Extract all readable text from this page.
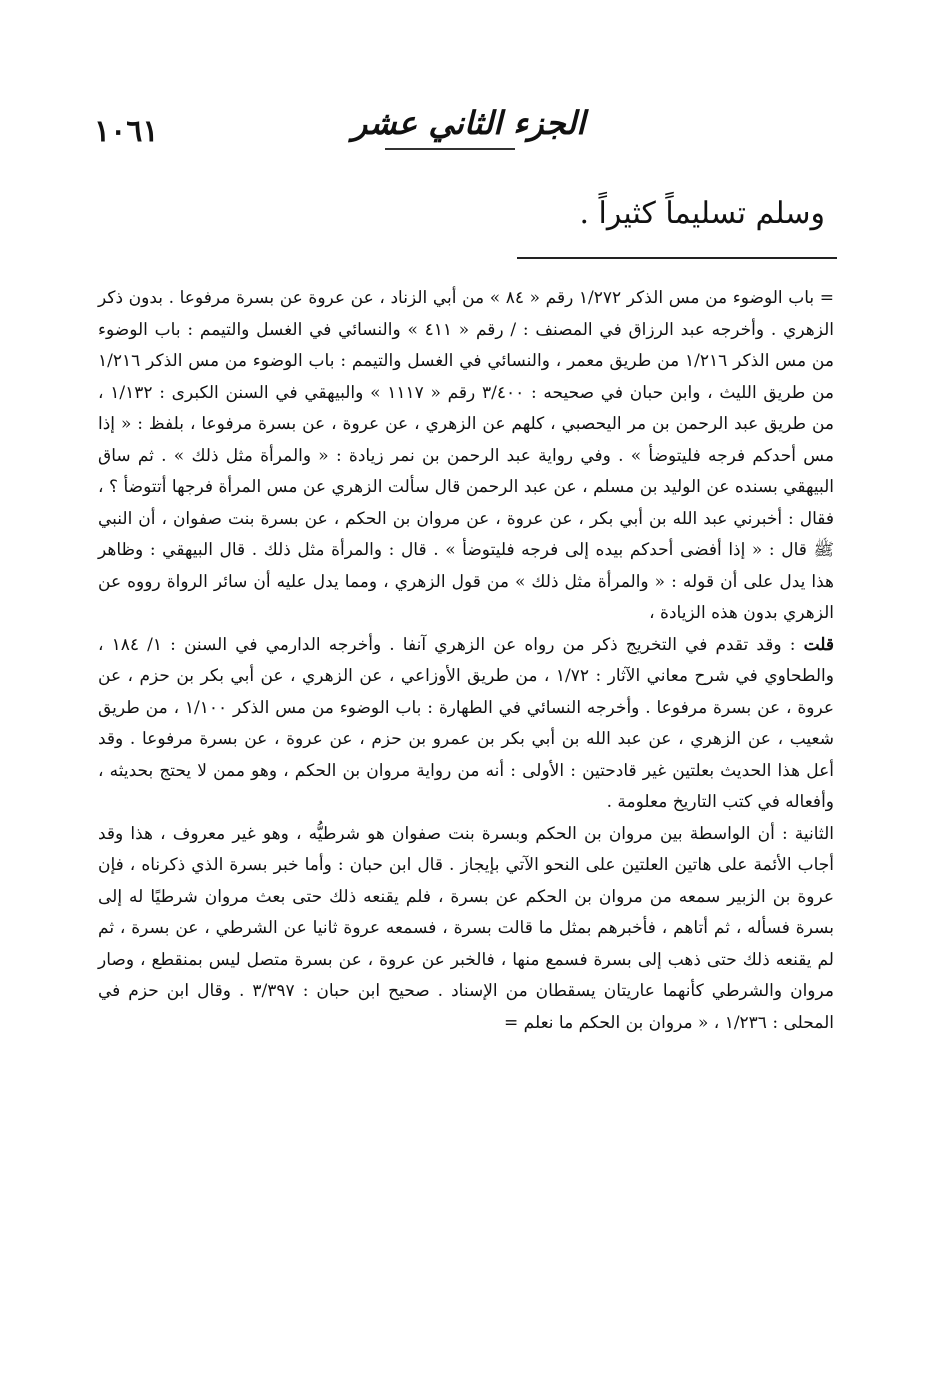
١٠٦١	الجزء الثاني عشر
وسلم تسليماً كثيراً .

= باب الوضوء من مس الذكر ١/٢٧٢ رقم « ٨٤ » من أبي الزناد ، عن عروة عن بسرة مرفوعا . بدون ذكر الزهري . وأخرجه عبد الرزاق في المصنف : / رقم « ٤١١ » والنسائي في الغسل والتيمم : باب الوضوء من مس الذكر ١/٢١٦ من طريق معمر ، والنسائي في الغسل والتيمم : باب الوضوء من مس الذكر ١/٢١٦ من طريق الليث ، وابن حبان في صحيحه : ٣/٤٠٠ رقم « ١١١٧ » والبيهقي في السنن الكبرى : ١/١٣٢ ، من طريق عبد الرحمن بن مر اليحصبي ، كلهم عن الزهري ، عن عروة ، عن بسرة مرفوعا ، بلفظ : « إذا مس أحدكم فرجه فليتوضأ » . وفي رواية عبد الرحمن بن نمر زيادة : « والمرأة مثل ذلك » . ثم ساق البيهقي بسنده عن الوليد بن مسلم ، عن عبد الرحمن قال سألت الزهري عن مس المرأة فرجها أتتوضأ ؟ ، فقال : أخبرني عبد الله بن أبي بكر ، عن عروة ، عن مروان بن الحكم ، عن بسرة بنت صفوان ، أن النبي ﷺ قال : « إذا أفضى أحدكم بيده إلى فرجه فليتوضأ » . قال : والمرأة مثل ذلك . قال البيهقي : وظاهر هذا يدل على أن قوله : « والمرأة مثل ذلك » من قول الزهري ، ومما يدل عليه أن سائر الرواة رووه عن الزهري بدون هذه الزيادة ،

قلت : وقد تقدم في التخريج ذكر من رواه عن الزهري آنفا . وأخرجه الدارمي في السنن : ١/ ١٨٤ ، والطحاوي في شرح معاني الآثار : ١/٧٢ ، من طريق الأوزاعي ، عن الزهري ، عن أبي بكر بن حزم ، عن عروة ، عن بسرة مرفوعا . وأخرجه النسائي في الطهارة : باب الوضوء من مس الذكر ١/١٠٠ ، من طريق شعيب ، عن الزهري ، عن عبد الله بن أبي بكر بن عمرو بن حزم ، عن عروة ، عن بسرة مرفوعا . وقد أعل هذا الحديث بعلتين غير قادحتين : الأولى : أنه من رواية مروان بن الحكم ، وهو ممن لا يحتج بحديثه ، وأفعاله في كتب التاريخ معلومة .

الثانية : أن الواسطة بين مروان بن الحكم وبسرة بنت صفوان هو شرطيُّه ، وهو غير معروف ، هذا وقد أجاب الأئمة على هاتين العلتين على النحو الآتي بإيجاز . قال ابن حبان : وأما خبر بسرة الذي ذكرناه ، فإن عروة بن الزبير سمعه من مروان بن الحكم عن بسرة ، فلم يقنعه ذلك حتى بعث مروان شرطيًا له إلى بسرة فسأله ، ثم أتاهم ، فأخبرهم بمثل ما قالت بسرة ، فسمعه عروة ثانيا عن الشرطي ، عن بسرة ، ثم لم يقنعه ذلك حتى ذهب إلى بسرة فسمع منها ، فالخبر عن عروة ، عن بسرة متصل ليس بمنقطع ، وصار مروان والشرطي كأنهما عاريتان يسقطان من الإسناد . صحيح ابن حبان : ٣/٣٩٧ . وقال ابن حزم في المحلى : ١/٢٣٦ ، « مروان بن الحكم ما نعلم =
